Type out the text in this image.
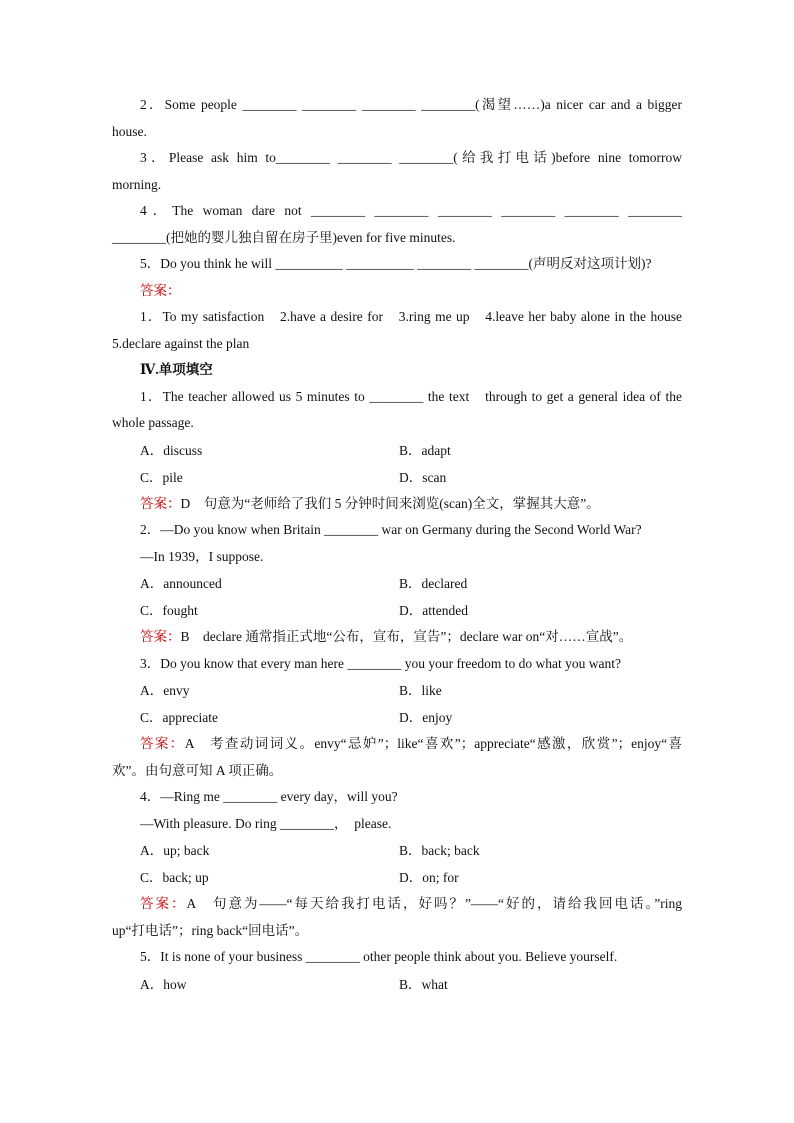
2．Some people ________ ________ ________ ________(渴望……)a nicer car and a bigger

house.

3．Please ask him to________ ________ ________(给我打电话)before nine tomorrow

morning.

4．The woman dare not ________ ________ ________ ________ ________ ________

________(把她的婴儿独自留在房子里)even for five minutes.

5．Do you think he will __________ __________ ________ ________(声明反对这项计划)?

答案：

1．To my satisfaction　2.have a desire for　3.ring me up　4.leave her baby alone in the house

5.declare against the plan

Ⅳ.单项填空

1．The teacher allowed us 5 minutes to ________ the text　through to get a general idea of the

whole passage.

A．discuss	B．adapt
C．pile	D．scan

答案：D　句意为“老师给了我们 5 分钟时间来浏览(scan)全文，掌握其大意”。

2．—Do you know when Britain ________ war on Germany during the Second World War?

—In 1939，I suppose.

A．announced	B．declared
C．fought	D．attended

答案：B　declare 通常指正式地“公布，宣布，宣告”；declare war on“对……宣战”。

3．Do you know that every man here ________ you your freedom to do what you want?

A．envy	B．like
C．appreciate	D．enjoy

答案：A　考查动词词义。envy“忌妒”；like“喜欢”；appreciate“感激，欣赏”；enjoy“喜

欢”。由句意可知 A 项正确。

4．—Ring me ________ every day，will you?

—With pleasure. Do ring ________，　please.

A．up; back	B．back; back
C．back; up	D．on; for

答案：A　句意为——“每天给我打电话，好吗？”——“好的，请给我回电话。”ring

up“打电话”；ring back“回电话”。

5．It is none of your business ________ other people think about you. Believe yourself.

A．how	B．what
